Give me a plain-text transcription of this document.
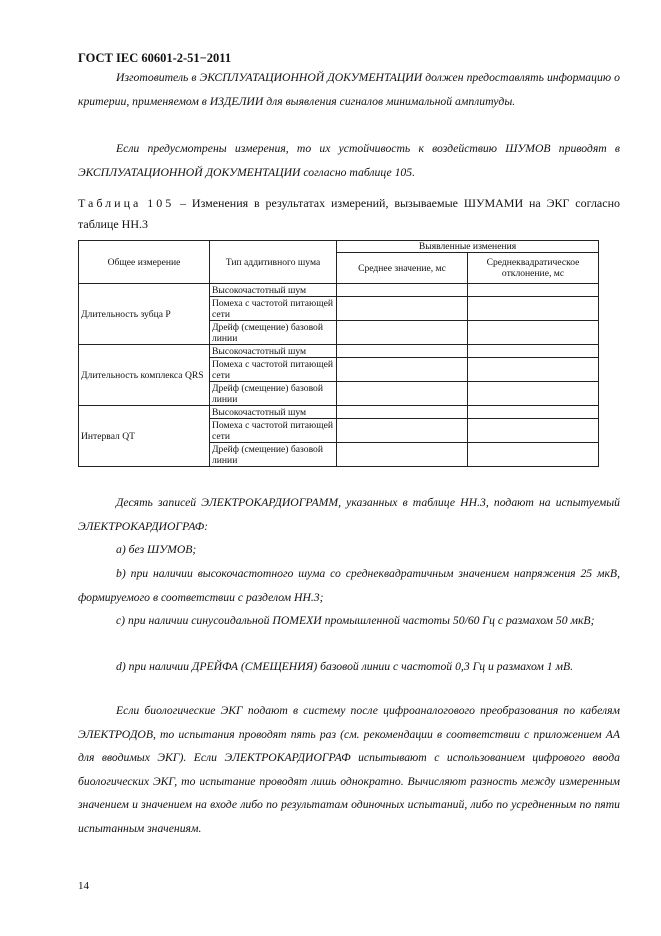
ГОСТ IEC 60601-2-51−2011

Изготовитель в ЭКСПЛУАТАЦИОННОЙ ДОКУМЕНТАЦИИ должен предоставлять информацию о критерии, применяемом в ИЗДЕЛИИ для выявления сигналов минимальной амплитуды.

Если предусмотрены измерения, то их устойчивость к воздействию ШУМОВ приводят в ЭКСПЛУАТАЦИОННОЙ ДОКУМЕНТАЦИИ согласно таблице 105.

Таблица 105 – Изменения в результатах измерений, вызываемые ШУМАМИ на ЭКГ согласно таблице НН.3

Общее измерение	Тип аддитивного шума	Выявленные изменения	
		Среднее значение, мс	Среднеквадратическое отклонение, мс
Длительность зубца P	Высокочастотный шум		
	Помеха с частотой питающей сети		
	Дрейф (смещение) базовой линии		
Длительность комплекса QRS	Высокочастотный шум		
	Помеха с частотой питающей сети		
	Дрейф (смещение) базовой линии		
Интервал QT	Высокочастотный шум		
	Помеха с частотой питающей сети		
	Дрейф (смещение) базовой линии		

Десять записей ЭЛЕКТРОКАРДИОГРАММ, указанных в таблице НН.3, подают на испытуемый ЭЛЕКТРОКАРДИОГРАФ:

a) без ШУМОВ;

b) при наличии высокочастотного шума со среднеквадратичным значением напряжения 25 мкВ, формируемого в соответствии с разделом НН.3;

c) при наличии синусоидальной ПОМЕХИ промышленной частоты 50/60 Гц с размахом 50 мкВ;

d) при наличии ДРЕЙФА (СМЕЩЕНИЯ) базовой линии с частотой 0,3 Гц и размахом 1 мВ.

Если биологические ЭКГ подают в систему после цифроаналогового преобразования по кабелям ЭЛЕКТРОДОВ, то испытания проводят пять раз (см. рекомендации в соответствии с приложением АА для вводимых ЭКГ). Если ЭЛЕКТРОКАРДИОГРАФ испытывают с использованием цифрового ввода биологических ЭКГ, то испытание проводят лишь однократно. Вычисляют разность между измеренным значением и значением на входе либо по результатам одиночных испытаний, либо по усредненным по пяти испытанным значениям.

14
